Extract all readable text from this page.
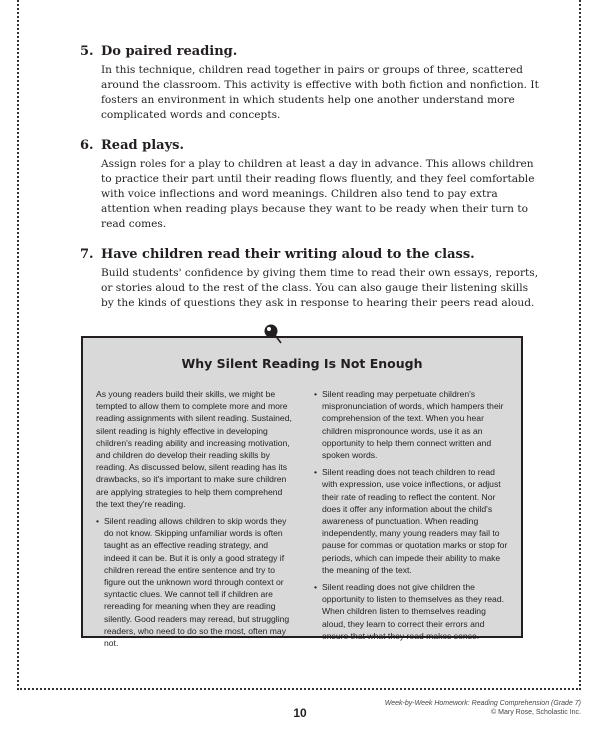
5. Do paired reading.
In this technique, children read together in pairs or groups of three, scattered around the classroom. This activity is effective with both fiction and nonfiction. It fosters an environment in which students help one another understand more complicated words and concepts.
6. Read plays.
Assign roles for a play to children at least a day in advance. This allows children to practice their part until their reading flows fluently, and they feel comfortable with voice inflections and word meanings. Children also tend to pay extra attention when reading plays because they want to be ready when their turn to read comes.
7. Have children read their writing aloud to the class.
Build students' confidence by giving them time to read their own essays, reports, or stories aloud to the rest of the class. You can also gauge their listening skills by the kinds of questions they ask in response to hearing their peers read aloud.
Why Silent Reading Is Not Enough

As young readers build their skills, we might be tempted to allow them to complete more and more reading assignments with silent reading. Sustained, silent reading is highly effective in developing children's reading ability and increasing motivation, and children do develop their reading skills by reading. As discussed below, silent reading has its drawbacks, so it's important to make sure children are applying strategies to help them comprehend the text they're reading.

• Silent reading allows children to skip words they do not know. Skipping unfamiliar words is often taught as an effective reading strategy, and indeed it can be. But it is only a good strategy if children reread the entire sentence and try to figure out the unknown word through context or syntactic clues. We cannot tell if children are rereading for meaning when they are reading silently. Good readers may reread, but struggling readers, who need to do so the most, often may not.
• Silent reading may perpetuate children's mispronunciation of words, which hampers their comprehension of the text. When you hear children mispronounce words, use it as an opportunity to help them connect written and spoken words.
• Silent reading does not teach children to read with expression, use voice inflections, or adjust their rate of reading to reflect the content. Nor does it offer any information about the child's awareness of punctuation. When reading independently, many young readers may fail to pause for commas or quotation marks or stop for periods, which can impede their ability to make the meaning of the text.
• Silent reading does not give children the opportunity to listen to themselves as they read. When children listen to themselves reading aloud, they learn to correct their errors and ensure that what they read makes sense.
10
Week-by-Week Homework: Reading Comprehension (Grade 7)
© Mary Rose, Scholastic Inc.
